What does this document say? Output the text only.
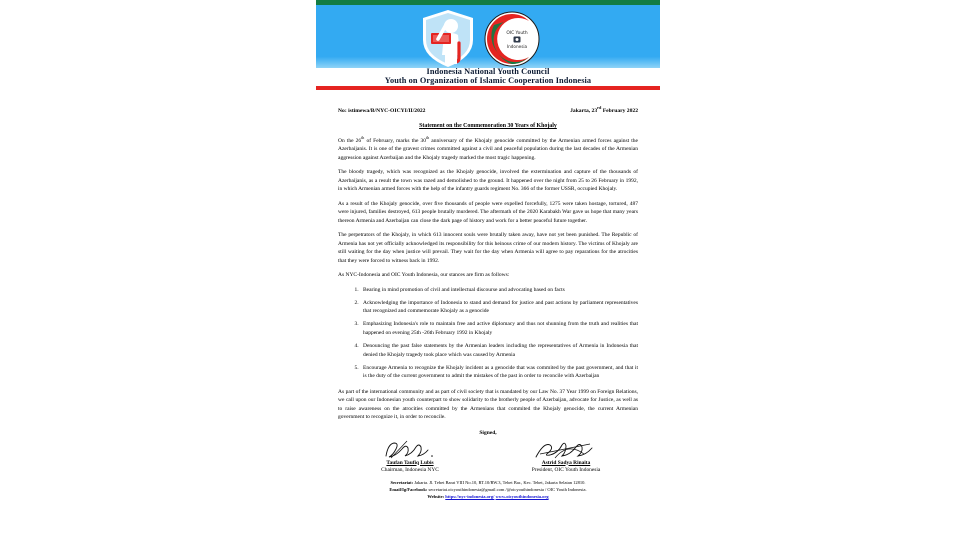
OIC Youth
Indonesia
Indonesia National Youth Council
Youth on Organization of Islamic Cooperation Indonesia
No: istimewa/B/NYC-OICYI/II/2022	Jakarta, 23rd February 2022
Statement on the Commemoration 30 Years of Khojaly

On the 26th of February, marks the 30th anniversary of the Khojaly genocide committed by the Armenian armed forces against the Azerbaijanis. It is one of the gravest crimes committed against a civil and peaceful population during the last decades of the Armenian aggression against Azerbaijan and the Khojaly tragedy marked the most tragic happening.

The bloody tragedy, which was recognized as the Khojaly genocide, involved the extermination and capture of the thousands of Azerbaijanis, as a result the town was razed and demolished to the ground. It happened over the night from 25 to 26 February in 1992, in which Armenian armed forces with the help of the infantry guards regiment No. 366 of the former USSR, occupied Khojaly.

As a result of the Khojaly genocide, over five thousands of people were expelled forcefully, 1275 were taken hostage, tortured, 487 were injured, families destroyed, 613 people brutally murdered. The aftermath of the 2020 Karabakh War gave us hope that many years thereon Armenia and Azerbaijan can close the dark page of history and work for a better peaceful future together.

The perpetrators of the Khojaly, in which 613 innocent souls were brutally taken away, have not yet been punished. The Republic of Armenia has not yet officially acknowledged its responsibility for this heinous crime of our modern history. The victims of Khojaly are still waiting for the day when justice will prevail. They wait for the day when Armenia will agree to pay reparations for the atrocities that they were forced to witness back in 1992.

As NYC-Indonesia and OIC Youth Indonesia, our stances are firm as follows:

1. Bearing in mind promotion of civil and intellectual discourse and advocating based on facts
2. Acknowledging the importance of Indonesia to stand and demand for justice and past actions by parliament representatives that recognized and commemorate Khojaly as a genocide
3. Emphasizing Indonesia's role to maintain free and active diplomacy and thus not shunning from the truth and realities that happened on evening 25th -26th February 1992 in Khojaly
4. Denouncing the past false statements by the Armenian leaders including the representatives of Armenia in Indonesia that denied the Khojaly tragedy took place which was caused by Armenia
5. Encourage Armenia to recognize the Khojaly incident as a genocide that was commited by the past government, and that it is the duty of the current government to admit the mistakes of the past in order to reconcile with Azerbaijan

As part of the international community and as part of civil society that is mandated by our Law No. 37 Year 1999 on Foreign Relations, we call upon our Indonesian youth counterpart to show solidarity to the brotherly people of Azerbaijan, advocate for Justice, as well as to raise awareness on the atrocities committed by the Armenians that commited the Khojaly genocide, the current Armenian government to recognize it, in order to reconcile.

Signed,
Taufan Taufiq Lubis
Chairman, Indonesia NYC
Astrid Sadya Rinaita
President, OIC Youth Indonesia
Secretariat: Jakarta. Jl. Tebet Barat VIII No.10, RT.10/RW.3, Tebet Bar., Kec. Tebet, Jakarta Selatan 12810.
Email/Ig/Facebook: secretariat.oicyouthindonesia@gmail.com /@oicyouthindonesia / OIC Youth Indonesia.
Website: https://nyc-indonesia.org/ www.oicyouthindonesia.org
